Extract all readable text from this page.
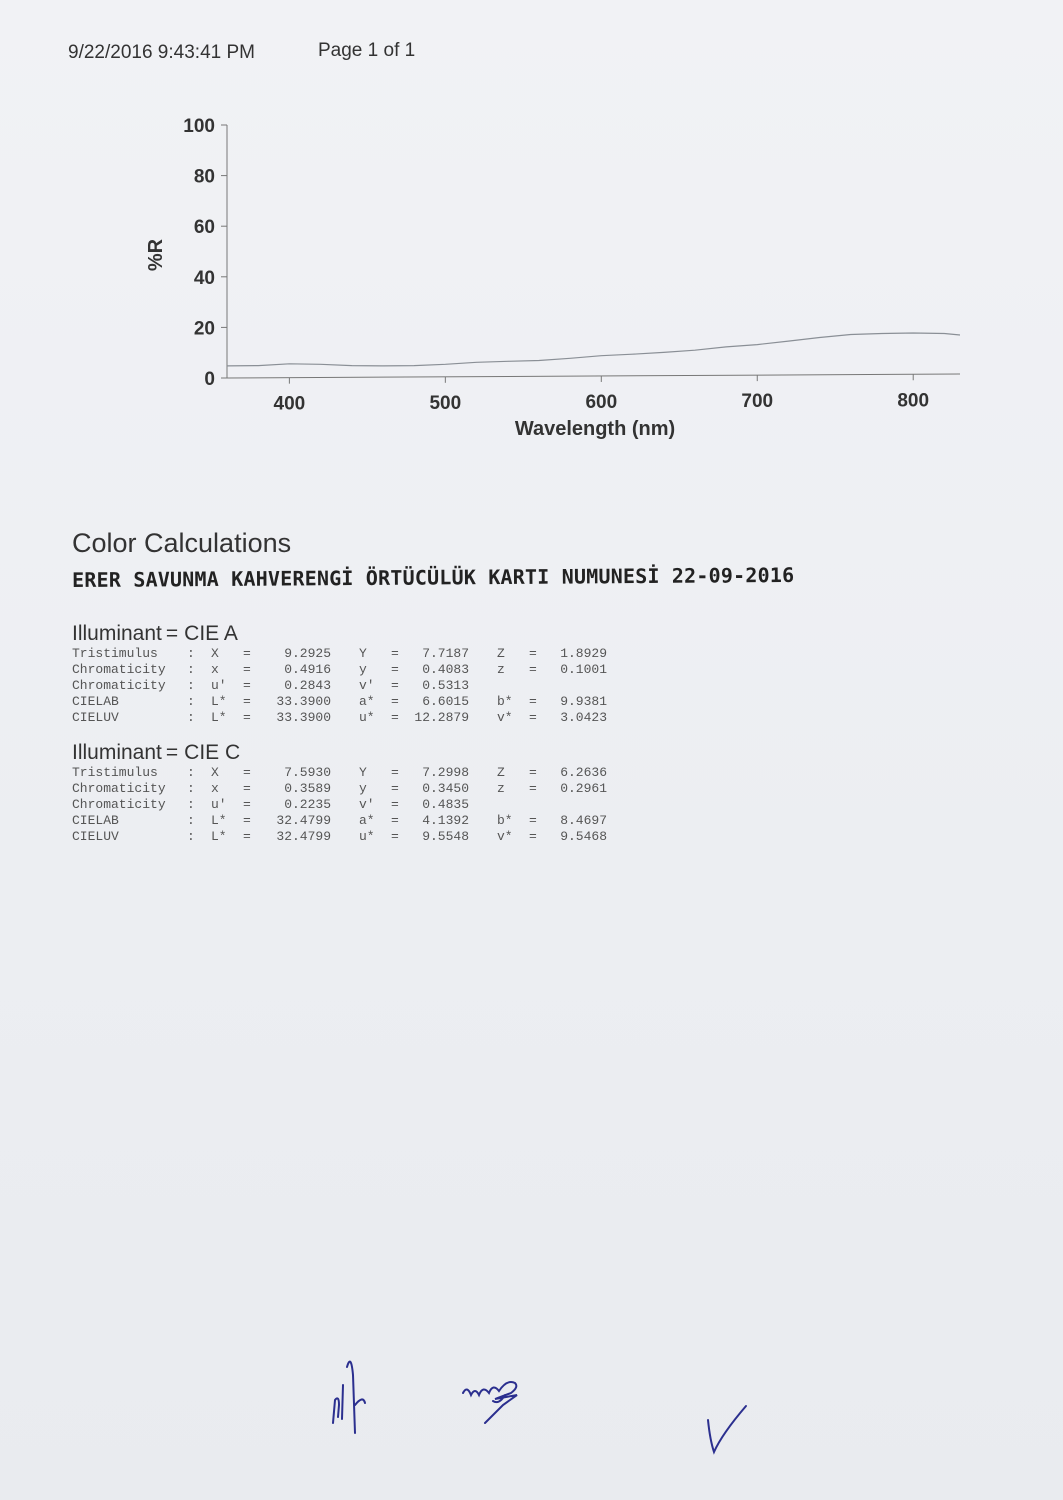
9/22/2016 9:43:41 PM	Page 1 of 1
0
20
40
60
80
100
400	500	600	700	800
%R
Wavelength (nm)
Color Calculations
ERER SAVUNMA KAHVERENGİ ÖRTÜCÜLÜK KARTI NUMUNESİ 22-09-2016
Illuminant = CIE A
Tristimulus	:	X	=	9.2925		Y	=	7.7187		Z	=	1.8929
Chromaticity	:	x	=	0.4916		y	=	0.4083		z	=	0.1001
Chromaticity	:	u'	=	0.2843		v'	=	0.5313				
CIELAB	:	L*	=	33.3900		a*	=	6.6015		b*	=	9.9381
CIELUV	:	L*	=	33.3900		u*	=	12.2879		v*	=	3.0423
Illuminant = CIE C
Tristimulus	:	X	=	7.5930		Y	=	7.2998		Z	=	6.2636
Chromaticity	:	x	=	0.3589		y	=	0.3450		z	=	0.2961
Chromaticity	:	u'	=	0.2235		v'	=	0.4835				
CIELAB	:	L*	=	32.4799		a*	=	4.1392		b*	=	8.4697
CIELUV	:	L*	=	32.4799		u*	=	9.5548		v*	=	9.5468
